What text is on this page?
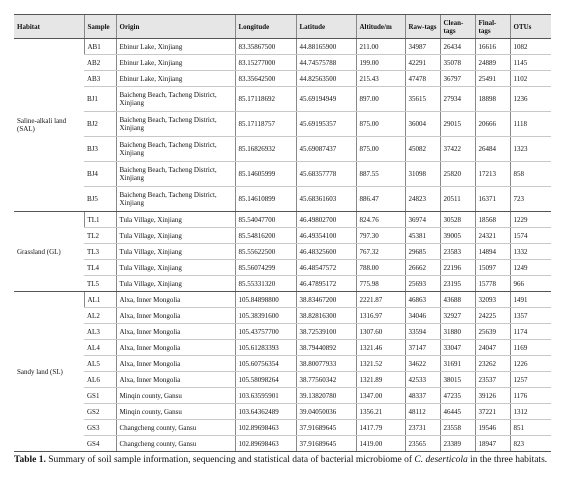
Habitat	Sample	Origin	Longitude	Latitude	Altitude/m	Raw-tags	Clean-tags	Final-tags	OTUs
Saline-alkali land (SAL)	AB1	Ebinur Lake, Xinjiang	83.35867500	44.88165900	211.00	34987	26434	16616	1082
	AB2	Ebinur Lake, Xinjiang	83.15277000	44.74575788	199.00	42291	35078	24889	1145
	AB3	Ebinur Lake, Xinjiang	83.35642500	44.82563500	215.43	47478	36797	25491	1102
	BJ1	Baicheng Beach, Tacheng District, Xinjiang	85.17118692	45.69194949	897.00	35615	27934	18898	1236
	BJ2	Baicheng Beach, Tacheng District, Xinjiang	85.17118757	45.69195357	875.00	36004	29015	20666	1118
	BJ3	Baicheng Beach, Tacheng District, Xinjiang	85.16826932	45.69087437	875.00	45082	37422	26484	1323
	BJ4	Baicheng Beach, Tacheng District, Xinjiang	85.14605999	45.68357778	887.55	31098	25820	17213	858
	BJ5	Baicheng Beach, Tacheng District, Xinjiang	85.14610899	45.68361603	886.47	24823	20511	16371	723
Grassland (GL)	TL1	Tula Village, Xinjiang	85.54047700	46.49802700	824.76	36974	30528	18568	1229
	TL2	Tula Village, Xinjiang	85.54816200	46.49354100	797.30	45381	39005	24321	1574
	TL3	Tula Village, Xinjiang	85.55622500	46.48325600	767.32	29685	23583	14894	1332
	TL4	Tula Village, Xinjiang	85.56074299	46.48547572	788.00	26662	22196	15097	1249
	TL5	Tula Village, Xinjiang	85.55331320	46.47895172	775.98	25693	23195	15778	966
Sandy land (SL)	AL1	Alxa, Inner Mongolia	105.84898800	38.83467200	2221.87	46863	43688	32093	1491
	AL2	Alxa, Inner Mongolia	105.38391600	38.82816300	1316.97	34046	32927	24225	1357
	AL3	Alxa, Inner Mongolia	105.43757700	38.72539100	1307.60	33594	31880	25639	1174
	AL4	Alxa, Inner Mongolia	105.61283393	38.79440892	1321.46	37147	33047	24047	1169
	AL5	Alxa, Inner Mongolia	105.60756354	38.80077933	1321.52	34622	31691	23262	1226
	AL6	Alxa, Inner Mongolia	105.58098264	38.77560342	1321.89	42533	38015	23537	1257
	GS1	Minqin county, Gansu	103.63595901	39.13820780	1347.00	48337	47235	39126	1176
	GS2	Minqin county, Gansu	103.64362489	39.04050036	1356.21	48112	46445	37221	1312
	GS3	Changcheng county, Gansu	102.89698463	37.91689645	1417.79	23731	23558	19546	851
	GS4	Changcheng county, Gansu	102.89698463	37.91689645	1419.00	23565	23389	18947	823
Table 1. Summary of soil sample information, sequencing and statistical data of bacterial microbiome of C. deserticola in the three habitats.
